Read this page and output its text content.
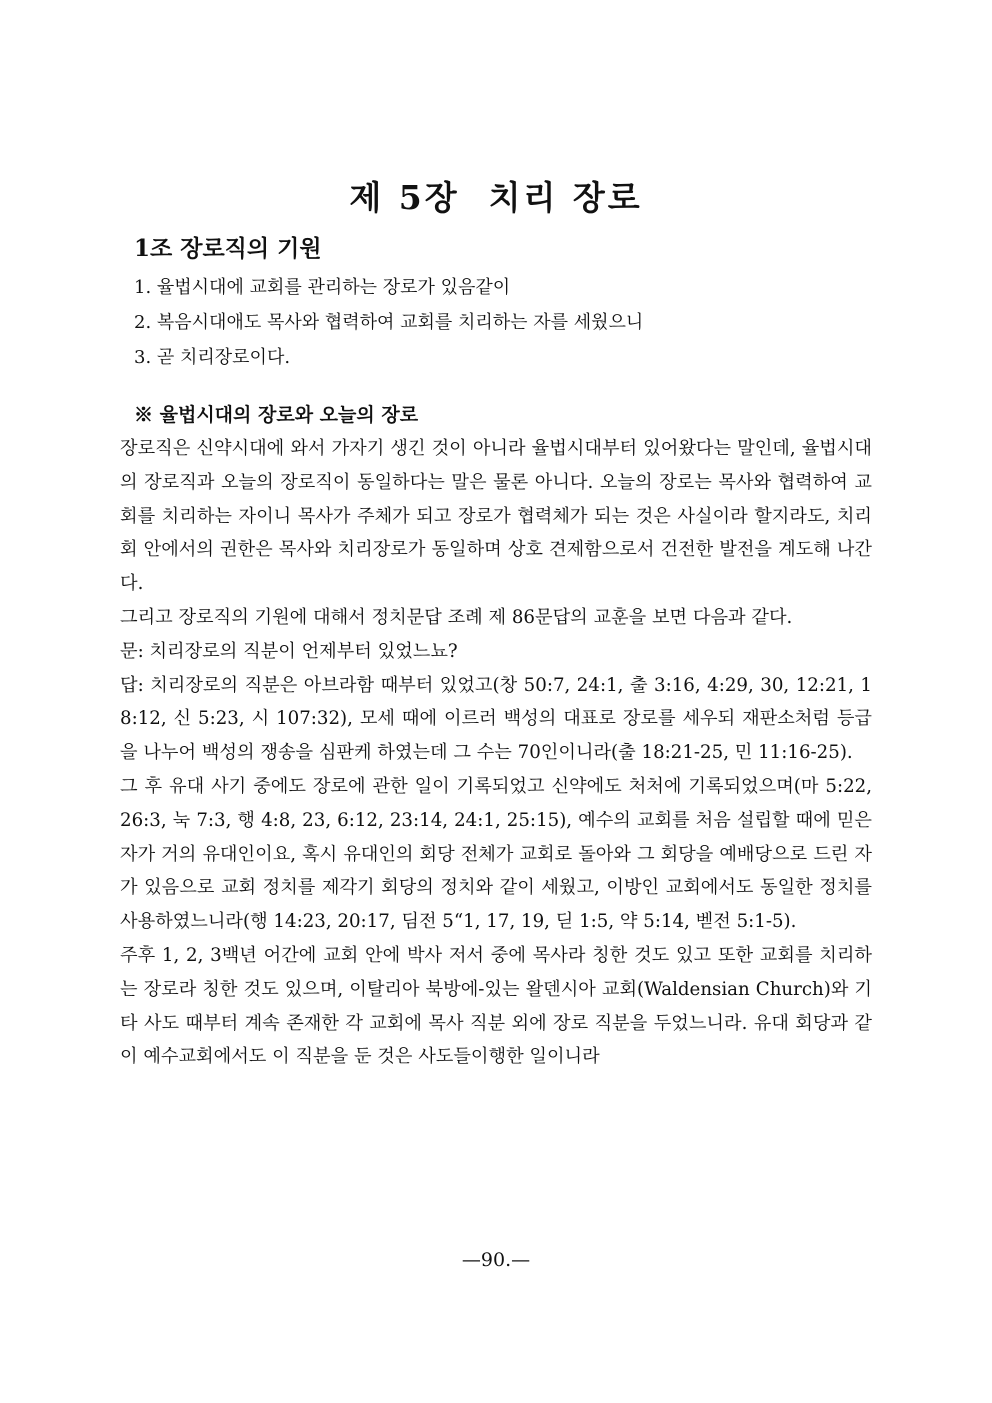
제 5장  치리 장로
1조 장로직의 기원
1. 율법시대에 교회를 관리하는 장로가 있음같이
2. 복음시대애도 목사와 협력하여 교회를 치리하는 자를 세웠으니
3. 곧 치리장로이다.
※ 율법시대의 장로와 오늘의 장로

장로직은 신약시대에 와서 가자기 생긴 것이 아니라 율법시대부터 있어왔다는 말인데, 율법시대의 장로직과 오늘의 장로직이 동일하다는 말은 물론 아니다. 오늘의 장로는 목사와 협력하여 교회를 치리하는 자이니 목사가 주체가 되고 장로가 협력체가 되는 것은 사실이라 할지라도, 치리회 안에서의 권한은 목사와 치리장로가 동일하며 상호 견제함으로서 건전한 발전을 계도해 나간다.

그리고 장로직의 기원에 대해서 정치문답 조례 제 86문답의 교훈을 보면 다음과 같다.

문: 치리장로의 직분이 언제부터 있었느뇨?

답: 치리장로의 직분은 아브라함 때부터 있었고(창 50:7, 24:1, 출 3:16, 4:29, 30, 12:21, 18:12, 신 5:23, 시 107:32), 모세 때에 이르러 백성의 대표로 장로를 세우되 재판소처럼 등급을 나누어 백성의 쟁송을 심판케 하였는데 그 수는 70인이니라(출 18:21-25, 민 11:16-25).

그 후 유대 사기 중에도 장로에 관한 일이 기록되었고 신약에도 처처에 기록되었으며(마 5:22, 26:3, 눅 7:3, 행 4:8, 23, 6:12, 23:14, 24:1, 25:15), 예수의 교회를 처음 설립할 때에 믿은 자가 거의 유대인이요, 혹시 유대인의 회당 전체가 교회로 돌아와 그 회당을 예배당으로 드린 자가 있음으로 교회 정치를 제각기 회당의 정치와 같이 세웠고, 이방인 교회에서도 동일한 정치를 사용하였느니라(행 14:23, 20:17, 딤전 5“1, 17, 19, 딛 1:5, 약 5:14, 벧전 5:1-5).

주후 1, 2, 3백년 어간에 교회 안에 박사 저서 중에 목사라 칭한 것도 있고 또한 교회를 치리하는 장로라 칭한 것도 있으며, 이탈리아 북방에-있는 왈덴시아 교회(Waldensian Church)와 기타 사도 때부터 계속 존재한 각 교회에 목사 직분 외에 장로 직분을 두었느니라. 유대 회당과 같이 예수교회에서도 이 직분을 둔 것은 사도들이행한 일이니라

—90.—
